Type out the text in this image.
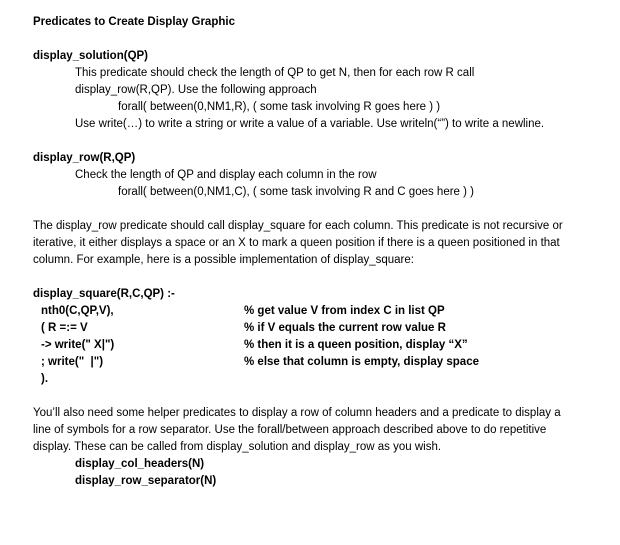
Predicates to Create Display Graphic
display_solution(QP)
This predicate should check the length of QP to get N, then for each row R call
display_row(R,QP). Use the following approach
forall( between(0,NM1,R), ( some task involving R goes here ) )
Use write(…) to write a string or write a value of a variable. Use writeln(“”) to write a newline.
display_row(R,QP)
Check the length of QP and display each column in the row
forall( between(0,NM1,C), ( some task involving R and C goes here ) )
The display_row predicate should call display_square for each column. This predicate is not recursive or
iterative, it either displays a space or an X to mark a queen position if there is a queen positioned in that
column. For example, here is a possible implementation of display_square:
display_square(R,C,QP) :-
nth0(C,QP,V),	% get value V from index C in list QP
( R =:= V	% if V equals the current row value R
-> write(" X|")	% then it is a queen position, display “X”
; write("  |")	% else that column is empty, display space
).
You’ll also need some helper predicates to display a row of column headers and a predicate to display a
line of symbols for a row separator. Use the forall/between approach described above to do repetitive
display. These can be called from display_solution and display_row as you wish.
display_col_headers(N)
display_row_separator(N)
